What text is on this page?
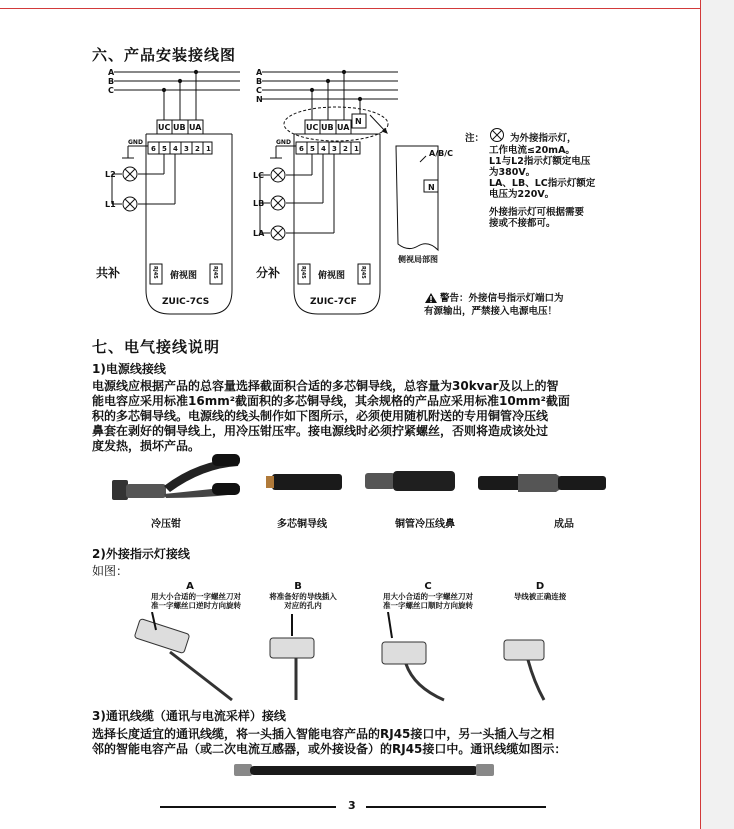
六、产品安装接线图
A
B
C
UC UB UA
6 5 4 3 2 1
GND
L2
L1
俯视图
RJ45	RJ45
ZUIC-7CS
共补
A
B
C
N
UC UB UA
N
6 5 4 3 2 1
GND
LC
LB
LA
俯视图
RJ45	RJ45
ZUIC-7CF
A/B/C
N
侧视局部图
分补
注：	为外接指示灯，
工作电流≤20mA。
L1与L2指示灯额定电压
为380V。
LA、LB、LC指示灯额定
电压为220V。
外接指示灯可根据需要
接或不接都可。
警告：外接信号指示灯端口为
有源输出，严禁接入电源电压！
七、电气接线说明
1)电源线接线
电源线应根据产品的总容量选择截面积合适的多芯铜导线，总容量为30kvar及以上的智
能电容应采用标准16mm²截面积的多芯铜导线，其余规格的产品应采用标准10mm²截面
积的多芯铜导线。电源线的线头制作如下图所示，必须使用随机附送的专用铜管冷压线
鼻套在剥好的铜导线上，用冷压钳压牢。接电源线时必须拧紧螺丝，否则将造成该处过
度发热，损坏产品。
冷压钳	多芯铜导线	铜管冷压线鼻	成品
2)外接指示灯接线
如图：
A
用大小合适的一字螺丝刀对
准一字螺丝口逆时方向旋转
B
将准备好的导线插入
对应的孔内
C
用大小合适的一字螺丝刀对
准一字螺丝口顺时方向旋转
D
导线被正确连接
3)通讯线缆（通讯与电流采样）接线
选择长度适宜的通讯线缆，将一头插入智能电容产品的RJ45接口中，另一头插入与之相
邻的智能电容产品（或二次电流互感器，或外接设备）的RJ45接口中。通讯线缆如图示：
3
